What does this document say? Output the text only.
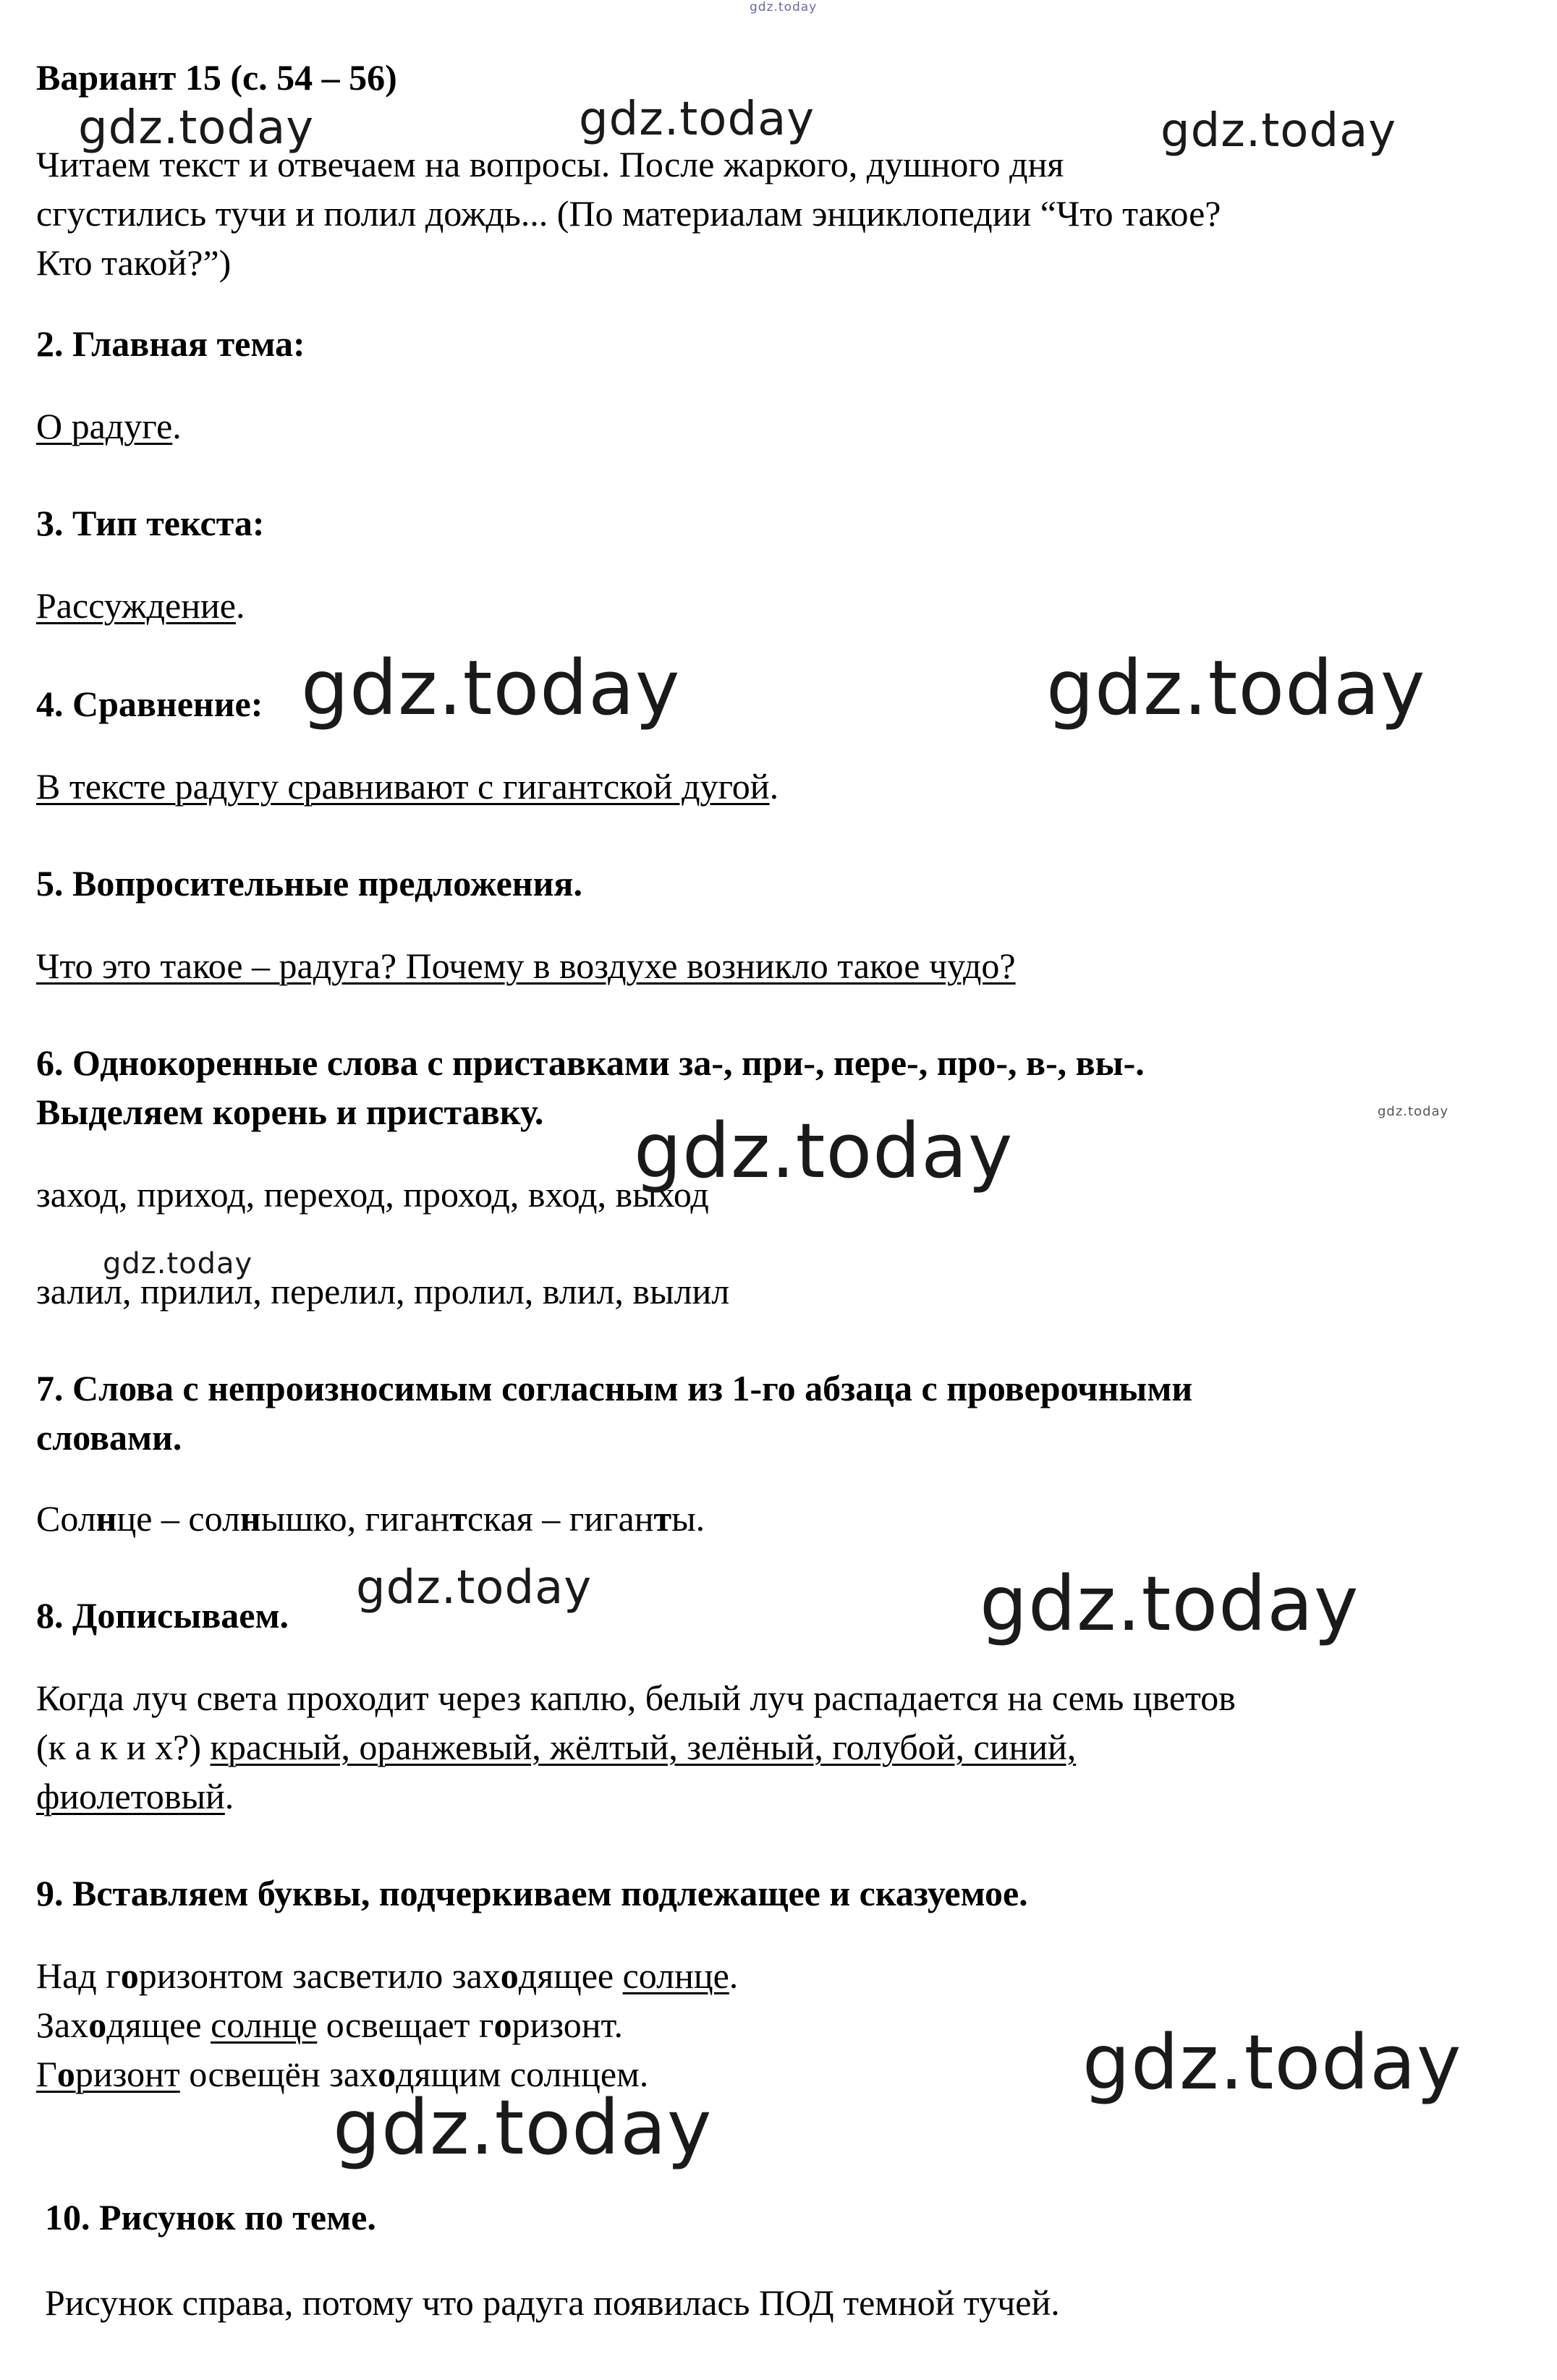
gdz.today
Вариант 15 (с. 54 – 56)
Читаем текст и отвечаем на вопросы. После жаркого, душного дня
сгустились тучи и полил дождь... (По материалам энциклопедии “Что такое?
Кто такой?”)
2. Главная тема:
О радуге.
3. Тип текста:
Рассуждение.
4. Сравнение:
В тексте радугу сравнивают с гигантской дугой.
5. Вопросительные предложения.
Что это такое – радуга? Почему в воздухе возникло такое чудо?
6. Однокоренные слова с приставками за-, при-, пере-, про-, в-, вы-.
Выделяем корень и приставку.
заход, приход, переход, проход, вход, выход
залил, прилил, перелил, пролил, влил, вылил
7. Слова с непроизносимым согласным из 1-го абзаца с проверочными
словами.
Солнце – солнышко, гигантская – гиганты.
8. Дописываем.
Когда луч света проходит через каплю, белый луч распадается на семь цветов
(к а к и х?) красный, оранжевый, жёлтый, зелёный, голубой, синий,
фиолетовый.
9. Вставляем буквы, подчеркиваем подлежащее и сказуемое.
Над горизонтом засветило заходящее солнце.
Заходящее солнце освещает горизонт.
Горизонт освещён заходящим солнцем.
10. Рисунок по теме.
Рисунок справа, потому что радуга появилась ПОД темной тучей.
gdz.today	gdz.today	gdz.today
gdz.today	gdz.today
gdz.today
gdz.today
gdz.today
gdz.today	gdz.today
gdz.today
gdz.today
